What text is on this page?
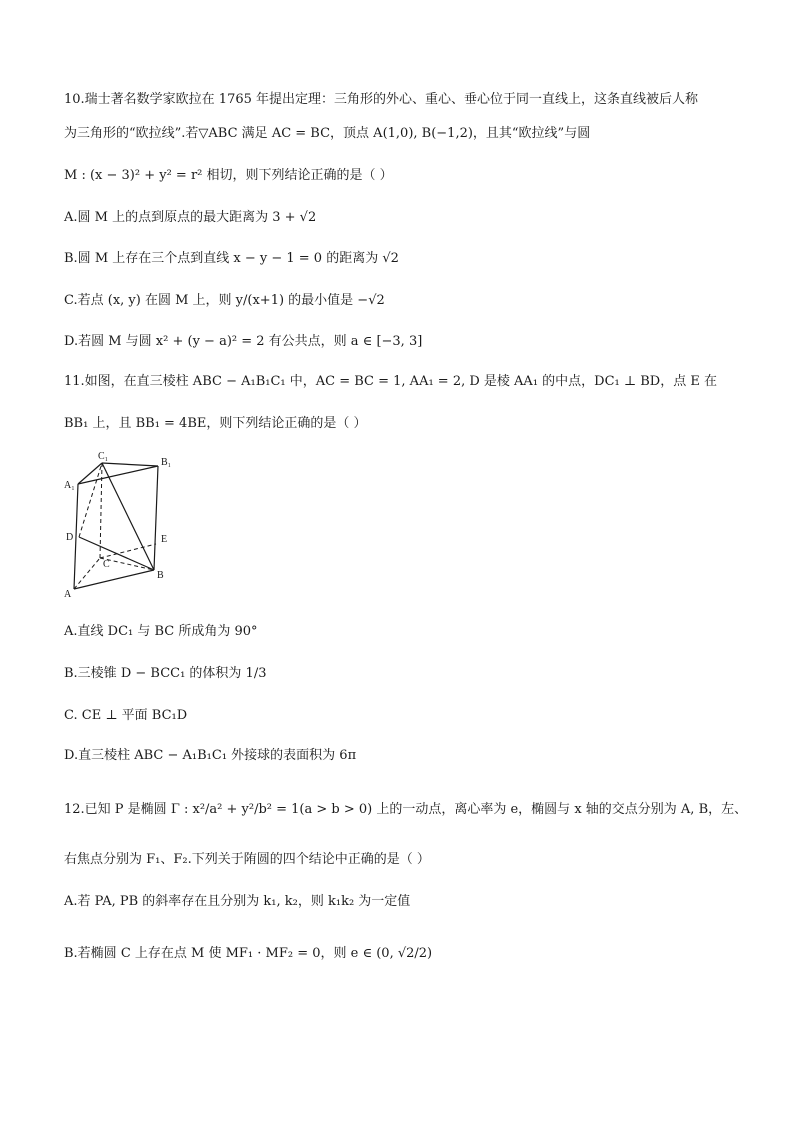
10.瑞士著名数学家欧拉在 1765 年提出定理：三角形的外心、重心、垂心位于同一直线上，这条直线被后人称
为三角形的“欧拉线”.若▽ABC 满足 AC = BC，顶点 A(1,0), B(−1,2)，且其“欧拉线”与圆
M : (x − 3)² + y² = r² 相切，则下列结论正确的是（ ）
A.圆 M 上的点到原点的最大距离为 3 + √2
B.圆 M 上存在三个点到直线 x − y − 1 = 0 的距离为 √2
C.若点 (x, y) 在圆 M 上，则 y/(x+1) 的最小值是 −√2
D.若圆 M 与圆 x² + (y − a)² = 2 有公共点，则 a ∈ [−3, 3]
11.如图，在直三棱柱 ABC − A₁B₁C₁ 中，AC = BC = 1, AA₁ = 2, D 是棱 AA₁ 的中点，DC₁ ⊥ BD，点 E 在
BB₁ 上，且 BB₁ = 4BE，则下列结论正确的是（ ）
C₁
B₁
A₁
D	E
C
B
A
A.直线 DC₁ 与 BC 所成角为 90°
B.三棱锥 D − BCC₁ 的体积为 1/3
C. CE ⊥ 平面 BC₁D
D.直三棱柱 ABC − A₁B₁C₁ 外接球的表面积为 6π
12.已知 P 是椭圆 Γ : x²/a² + y²/b² = 1(a > b > 0) 上的一动点，离心率为 e，椭圆与 x 轴的交点分别为 A, B，左、
右焦点分别为 F₁、F₂.下列关于陏圆的四个结论中正确的是（ ）
A.若 PA, PB 的斜率存在且分别为 k₁, k₂，则 k₁k₂ 为一定值
B.若椭圆 C 上存在点 M 使 MF₁ · MF₂ = 0，则 e ∈ (0, √2/2)
